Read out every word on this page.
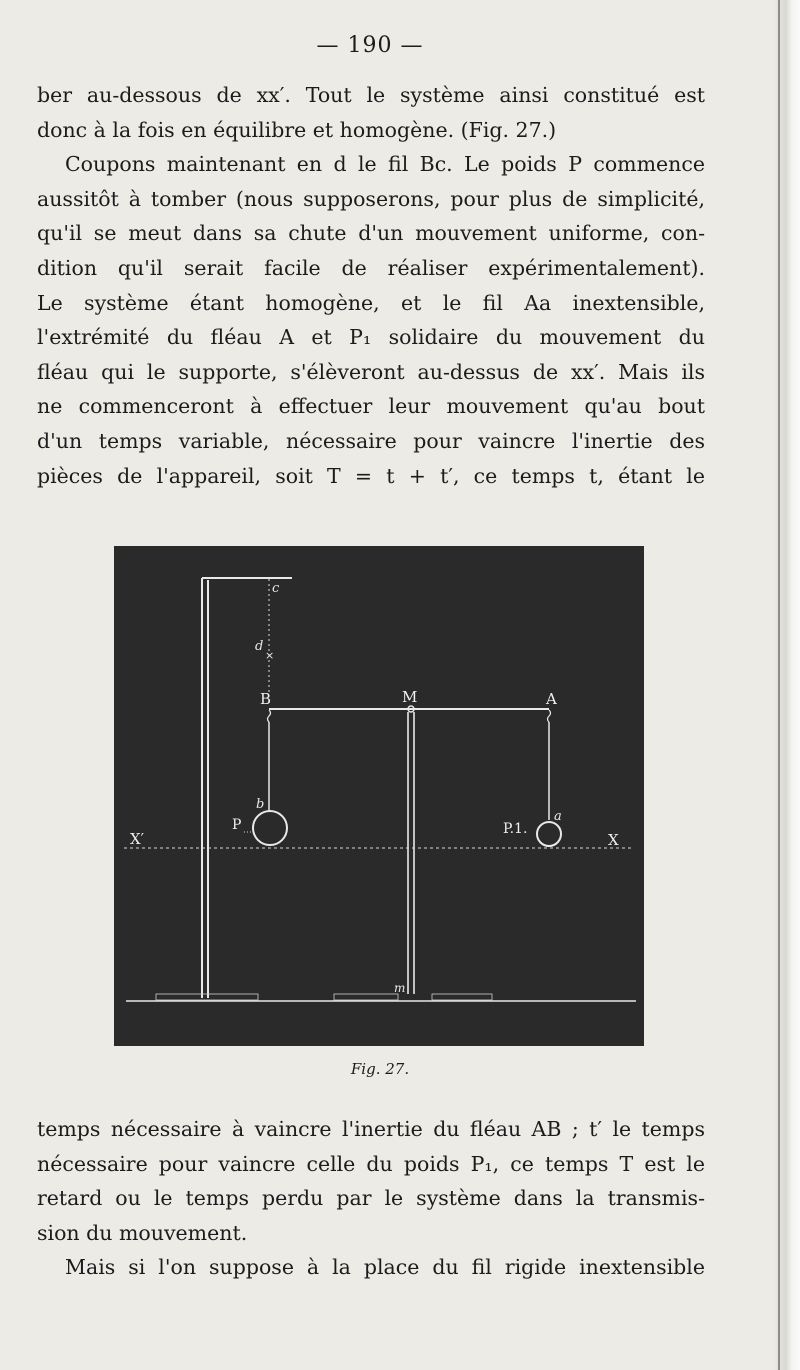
— 190 —
ber au-dessous de xx′. Tout le système ainsi constitué est
donc à la fois en équilibre et homogène. (Fig. 27.)
Coupons maintenant en d le fil Bc. Le poids P commence
aussitôt à tomber (nous supposerons, pour plus de simplicité,
qu'il se meut dans sa chute d'un mouvement uniforme, con-
dition qu'il serait facile de réaliser expérimentalement).
Le système étant homogène, et le fil Aa inextensible,
l'extrémité du fléau A et P₁ solidaire du mouvement du
fléau qui le supporte, s'élèveront au-dessus de xx′. Mais ils
ne commenceront à effectuer leur mouvement qu'au bout
d'un temps variable, nécessaire pour vaincre l'inertie des
pièces de l'appareil, soit T = t + t′, ce temps t, étant le
c
d
×
B	M	A
m
b
P
a
P.1.
X′	X
Fig. 27.
temps nécessaire à vaincre l'inertie du fléau AB ; t′ le temps
nécessaire pour vaincre celle du poids P₁, ce temps T est le
retard ou le temps perdu par le système dans la transmis-
sion du mouvement.
Mais si l'on suppose à la place du fil rigide inextensible
